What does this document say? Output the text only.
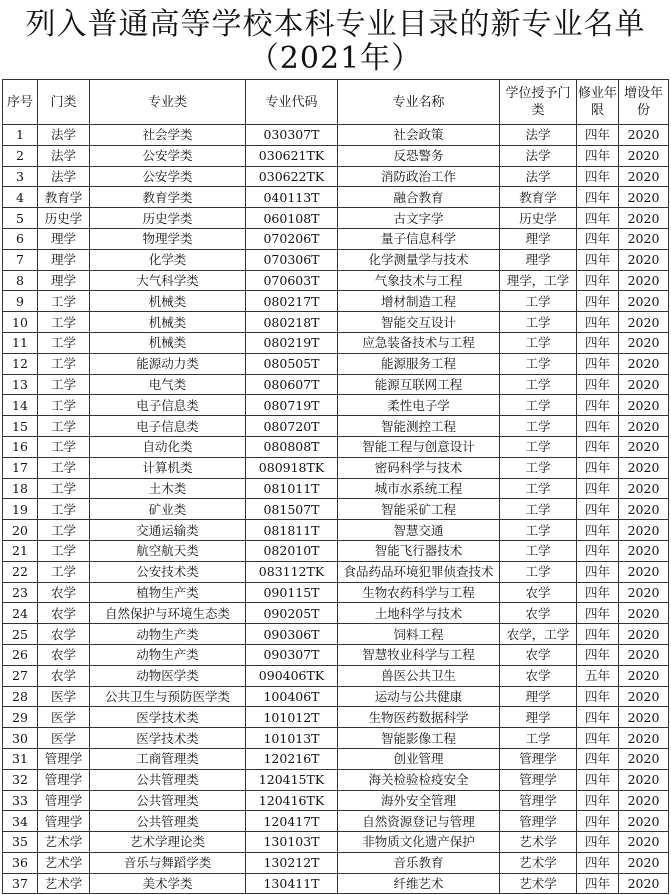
列入普通高等学校本科专业目录的新专业名单
（2021年）
序号	门类	专业类	专业代码	专业名称	学位授予门类	修业年限	增设年份
1	法学	社会学类	030307T	社会政策	法学	四年	2020
2	法学	公安学类	030621TK	反恐警务	法学	四年	2020
3	法学	公安学类	030622TK	消防政治工作	法学	四年	2020
4	教育学	教育学类	040113T	融合教育	教育学	四年	2020
5	历史学	历史学类	060108T	古文字学	历史学	四年	2020
6	理学	物理学类	070206T	量子信息科学	理学	四年	2020
7	理学	化学类	070306T	化学测量学与技术	理学	四年	2020
8	理学	大气科学类	070603T	气象技术与工程	理学，工学	四年	2020
9	工学	机械类	080217T	增材制造工程	工学	四年	2020
10	工学	机械类	080218T	智能交互设计	工学	四年	2020
11	工学	机械类	080219T	应急装备技术与工程	工学	四年	2020
12	工学	能源动力类	080505T	能源服务工程	工学	四年	2020
13	工学	电气类	080607T	能源互联网工程	工学	四年	2020
14	工学	电子信息类	080719T	柔性电子学	工学	四年	2020
15	工学	电子信息类	080720T	智能测控工程	工学	四年	2020
16	工学	自动化类	080808T	智能工程与创意设计	工学	四年	2020
17	工学	计算机类	080918TK	密码科学与技术	工学	四年	2020
18	工学	土木类	081011T	城市水系统工程	工学	四年	2020
19	工学	矿业类	081507T	智能采矿工程	工学	四年	2020
20	工学	交通运输类	081811T	智慧交通	工学	四年	2020
21	工学	航空航天类	082010T	智能飞行器技术	工学	四年	2020
22	工学	公安技术类	083112TK	食品药品环境犯罪侦查技术	工学	四年	2020
23	农学	植物生产类	090115T	生物农药科学与工程	农学	四年	2020
24	农学	自然保护与环境生态类	090205T	土地科学与技术	农学	四年	2020
25	农学	动物生产类	090306T	饲料工程	农学，工学	四年	2020
26	农学	动物生产类	090307T	智慧牧业科学与工程	农学	四年	2020
27	农学	动物医学类	090406TK	兽医公共卫生	农学	五年	2020
28	医学	公共卫生与预防医学类	100406T	运动与公共健康	理学	四年	2020
29	医学	医学技术类	101012T	生物医药数据科学	理学	四年	2020
30	医学	医学技术类	101013T	智能影像工程	工学	四年	2020
31	管理学	工商管理类	120216T	创业管理	管理学	四年	2020
32	管理学	公共管理类	120415TK	海关检验检疫安全	管理学	四年	2020
33	管理学	公共管理类	120416TK	海外安全管理	管理学	四年	2020
34	管理学	公共管理类	120417T	自然资源登记与管理	管理学	四年	2020
35	艺术学	艺术学理论类	130103T	非物质文化遗产保护	艺术学	四年	2020
36	艺术学	音乐与舞蹈学类	130212T	音乐教育	艺术学	四年	2020
37	艺术学	美术学类	130411T	纤维艺术	艺术学	四年	2020
